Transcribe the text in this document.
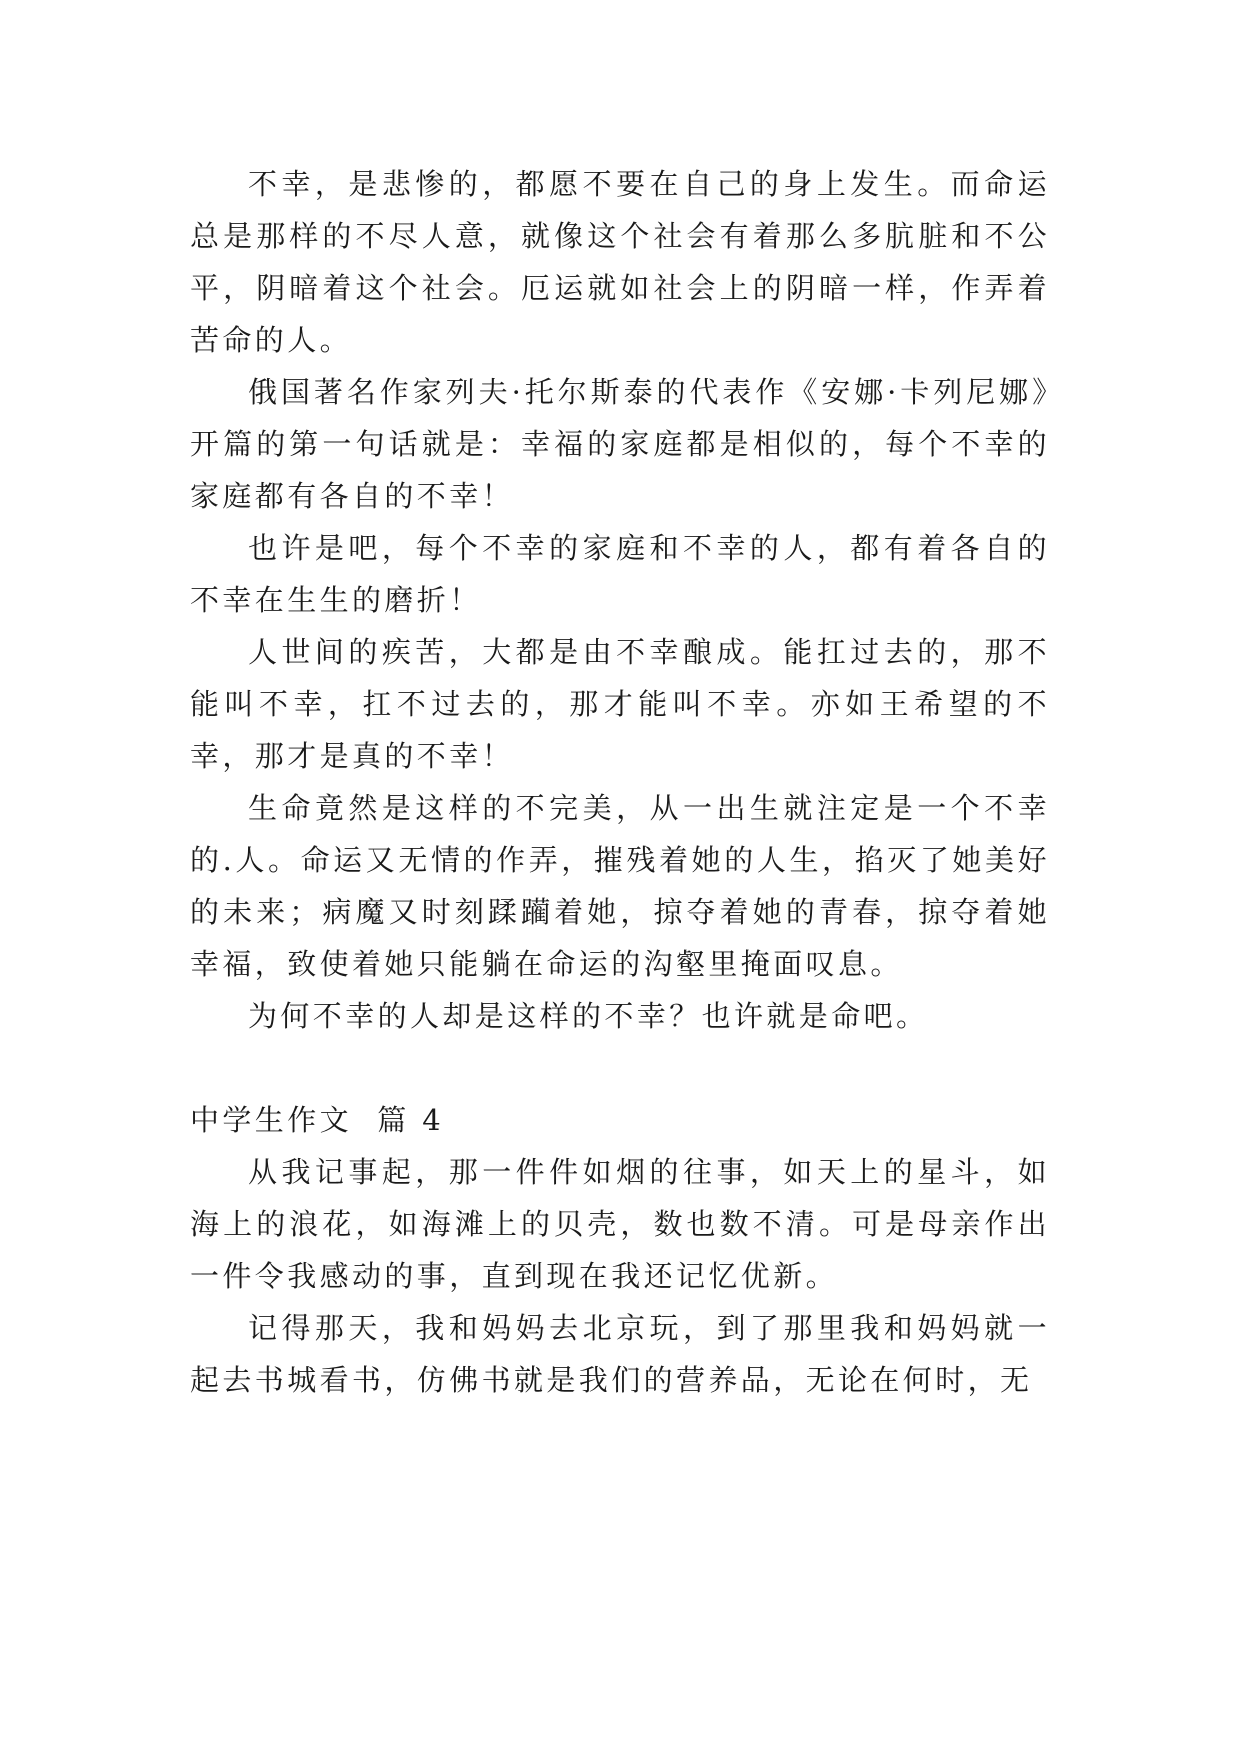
不幸，是悲惨的，都愿不要在自己的身上发生。而命运总是那样的不尽人意，就像这个社会有着那么多肮脏和不公平，阴暗着这个社会。厄运就如社会上的阴暗一样，作弄着苦命的人。

俄国著名作家列夫·托尔斯泰的代表作《安娜·卡列尼娜》开篇的第一句话就是：幸福的家庭都是相似的，每个不幸的家庭都有各自的不幸！

也许是吧，每个不幸的家庭和不幸的人，都有着各自的不幸在生生的磨折！

人世间的疾苦，大都是由不幸酿成。能扛过去的，那不能叫不幸，扛不过去的，那才能叫不幸。亦如王希望的不幸，那才是真的不幸！

生命竟然是这样的不完美，从一出生就注定是一个不幸的.人。命运又无情的作弄，摧残着她的人生，掐灭了她美好的未来；病魔又时刻蹂躏着她，掠夺着她的青春，掠夺着她幸福，致使着她只能躺在命运的沟壑里掩面叹息。

为何不幸的人却是这样的不幸？也许就是命吧。

中学生作文  篇 4

从我记事起，那一件件如烟的往事，如天上的星斗，如海上的浪花，如海滩上的贝壳，数也数不清。可是母亲作出一件令我感动的事，直到现在我还记忆优新。

记得那天，我和妈妈去北京玩，到了那里我和妈妈就一起去书城看书，仿佛书就是我们的营养品，无论在何时，无
